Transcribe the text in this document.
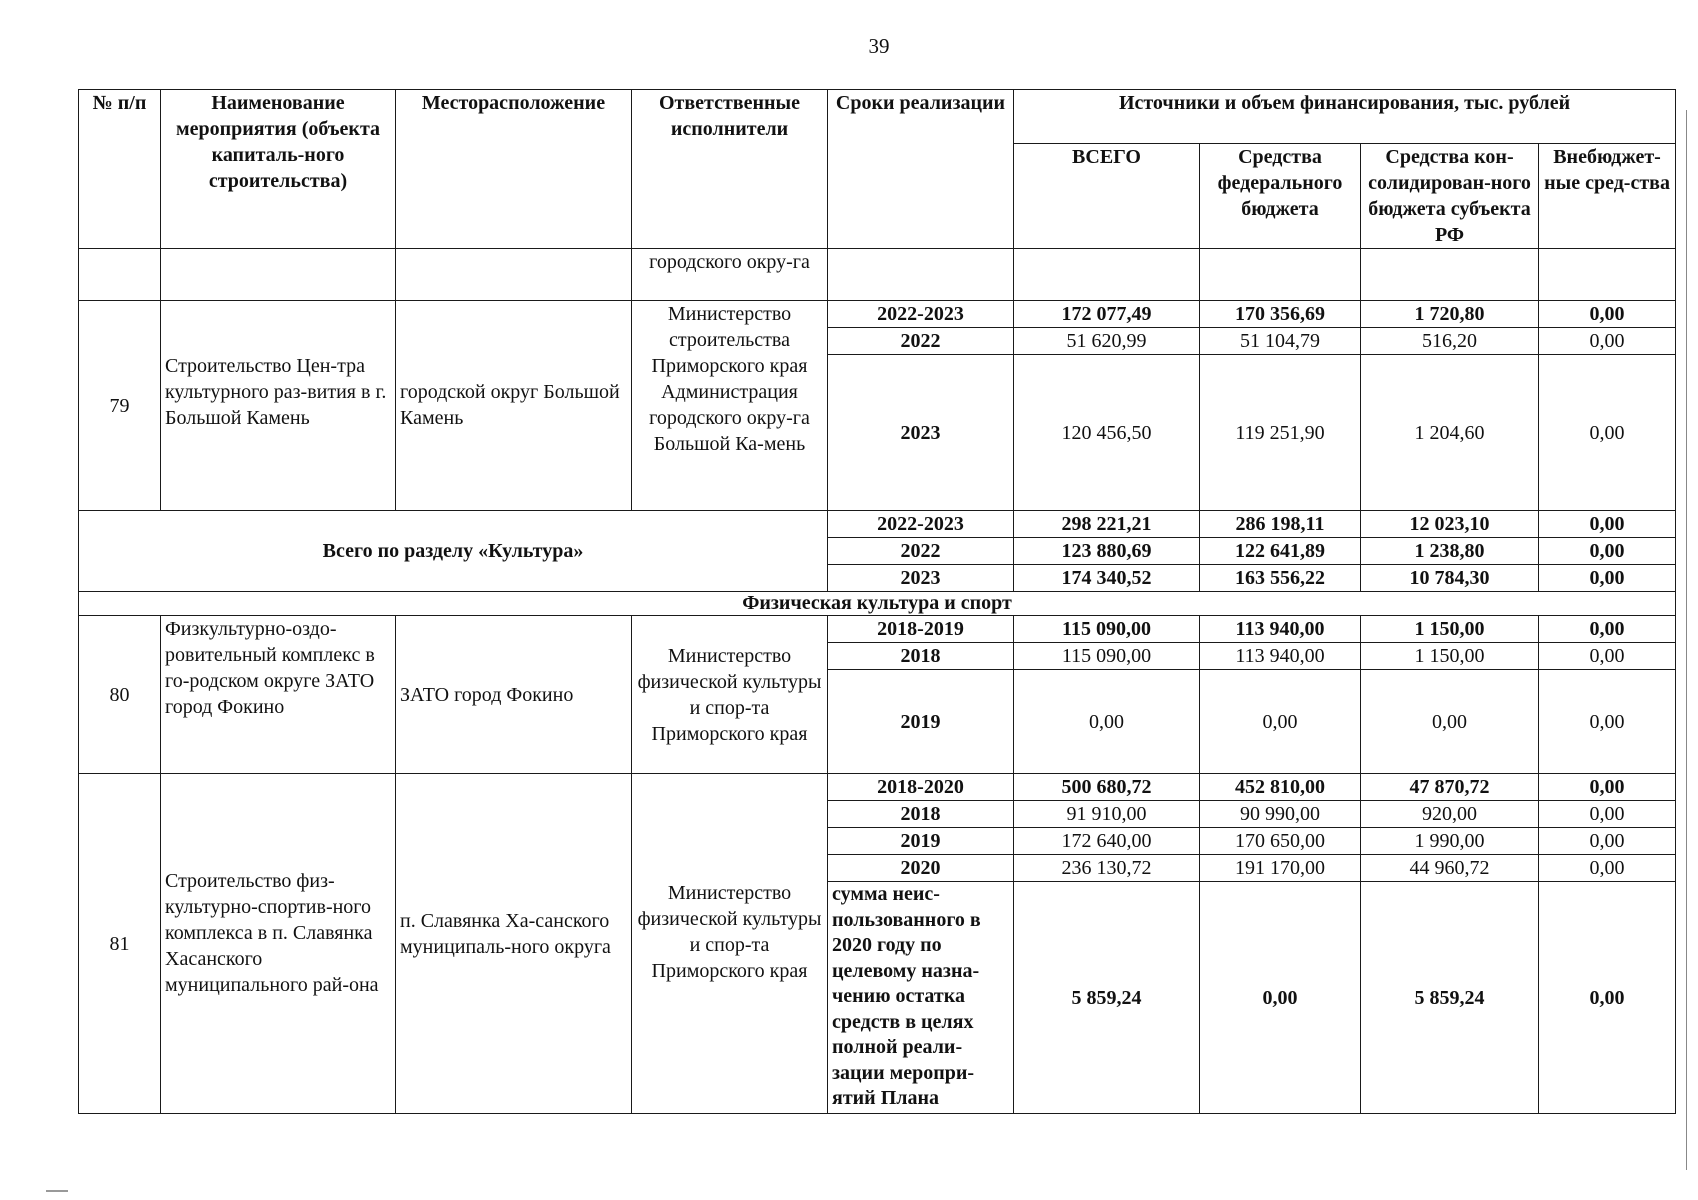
39
№ п/п	Наименование мероприятия (объекта капиталь-ного строительства)	Месторасположение	Ответственные исполнители	Сроки реализации	Источники и объем финансирования, тыс. рублей			
					ВСЕГО	Средства федерального бюджета	Средства кон-солидирован-ного бюджета субъекта РФ	Внебюджет-ные сред-ства
			городского окру-га					
79	Строительство Цен-тра культурного раз-вития в г. Большой Камень	городской округ Большой Камень	Министерство строительства Приморского края Администрация городского окру-га Большой Ка-мень	2022-2023	172 077,49	170 356,69	1 720,80	0,00
				2022	51 620,99	51 104,79	516,20	0,00
				2023	120 456,50	119 251,90	1 204,60	0,00
Всего по разделу «Культура»				2022-2023	298 221,21	286 198,11	12 023,10	0,00
				2022	123 880,69	122 641,89	1 238,80	0,00
				2023	174 340,52	163 556,22	10 784,30	0,00
Физическая культура и спорт								
80	Физкультурно-оздо-ровительный комплекс в го-родском округе ЗАТО город Фокино	ЗАТО город Фокино	Министерство физической культуры и спор-та Приморского края	2018-2019	115 090,00	113 940,00	1 150,00	0,00
				2018	115 090,00	113 940,00	1 150,00	0,00
				2019	0,00	0,00	0,00	0,00
81	Строительство физ-культурно-спортив-ного комплекса в п. Славянка Хасанского муниципального рай-она	п. Славянка Ха-санского муниципаль-ного округа	Министерство физической культуры и спор-та Приморского края	2018-2020	500 680,72	452 810,00	47 870,72	0,00
				2018	91 910,00	90 990,00	920,00	0,00
				2019	172 640,00	170 650,00	1 990,00	0,00
				2020	236 130,72	191 170,00	44 960,72	0,00
				сумма неис-пользованного в 2020 году по целевому назна-чению остатка средств в целях полной реали-зации меропри-ятий Плана	5 859,24	0,00	5 859,24	0,00
